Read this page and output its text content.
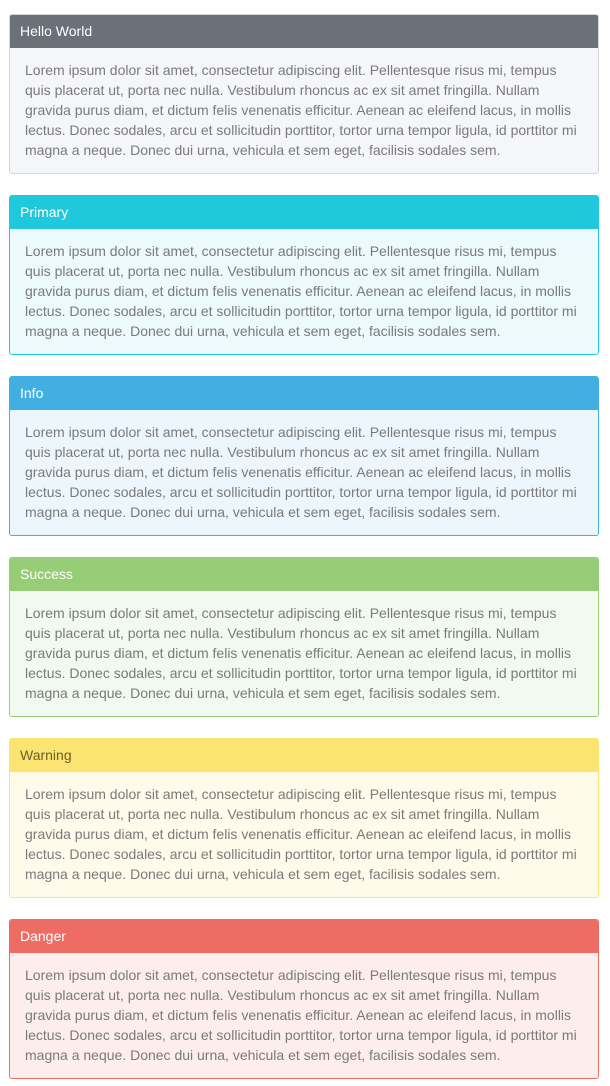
Hello World
Lorem ipsum dolor sit amet, consectetur adipiscing elit. Pellentesque risus mi, tempus quis placerat ut, porta nec nulla. Vestibulum rhoncus ac ex sit amet fringilla. Nullam gravida purus diam, et dictum felis venenatis efficitur. Aenean ac eleifend lacus, in mollis lectus. Donec sodales, arcu et sollicitudin porttitor, tortor urna tempor ligula, id porttitor mi magna a neque. Donec dui urna, vehicula et sem eget, facilisis sodales sem.
Primary
Lorem ipsum dolor sit amet, consectetur adipiscing elit. Pellentesque risus mi, tempus quis placerat ut, porta nec nulla. Vestibulum rhoncus ac ex sit amet fringilla. Nullam gravida purus diam, et dictum felis venenatis efficitur. Aenean ac eleifend lacus, in mollis lectus. Donec sodales, arcu et sollicitudin porttitor, tortor urna tempor ligula, id porttitor mi magna a neque. Donec dui urna, vehicula et sem eget, facilisis sodales sem.
Info
Lorem ipsum dolor sit amet, consectetur adipiscing elit. Pellentesque risus mi, tempus quis placerat ut, porta nec nulla. Vestibulum rhoncus ac ex sit amet fringilla. Nullam gravida purus diam, et dictum felis venenatis efficitur. Aenean ac eleifend lacus, in mollis lectus. Donec sodales, arcu et sollicitudin porttitor, tortor urna tempor ligula, id porttitor mi magna a neque. Donec dui urna, vehicula et sem eget, facilisis sodales sem.
Success
Lorem ipsum dolor sit amet, consectetur adipiscing elit. Pellentesque risus mi, tempus quis placerat ut, porta nec nulla. Vestibulum rhoncus ac ex sit amet fringilla. Nullam gravida purus diam, et dictum felis venenatis efficitur. Aenean ac eleifend lacus, in mollis lectus. Donec sodales, arcu et sollicitudin porttitor, tortor urna tempor ligula, id porttitor mi magna a neque. Donec dui urna, vehicula et sem eget, facilisis sodales sem.
Warning
Lorem ipsum dolor sit amet, consectetur adipiscing elit. Pellentesque risus mi, tempus quis placerat ut, porta nec nulla. Vestibulum rhoncus ac ex sit amet fringilla. Nullam gravida purus diam, et dictum felis venenatis efficitur. Aenean ac eleifend lacus, in mollis lectus. Donec sodales, arcu et sollicitudin porttitor, tortor urna tempor ligula, id porttitor mi magna a neque. Donec dui urna, vehicula et sem eget, facilisis sodales sem.
Danger
Lorem ipsum dolor sit amet, consectetur adipiscing elit. Pellentesque risus mi, tempus quis placerat ut, porta nec nulla. Vestibulum rhoncus ac ex sit amet fringilla. Nullam gravida purus diam, et dictum felis venenatis efficitur. Aenean ac eleifend lacus, in mollis lectus. Donec sodales, arcu et sollicitudin porttitor, tortor urna tempor ligula, id porttitor mi magna a neque. Donec dui urna, vehicula et sem eget, facilisis sodales sem.
